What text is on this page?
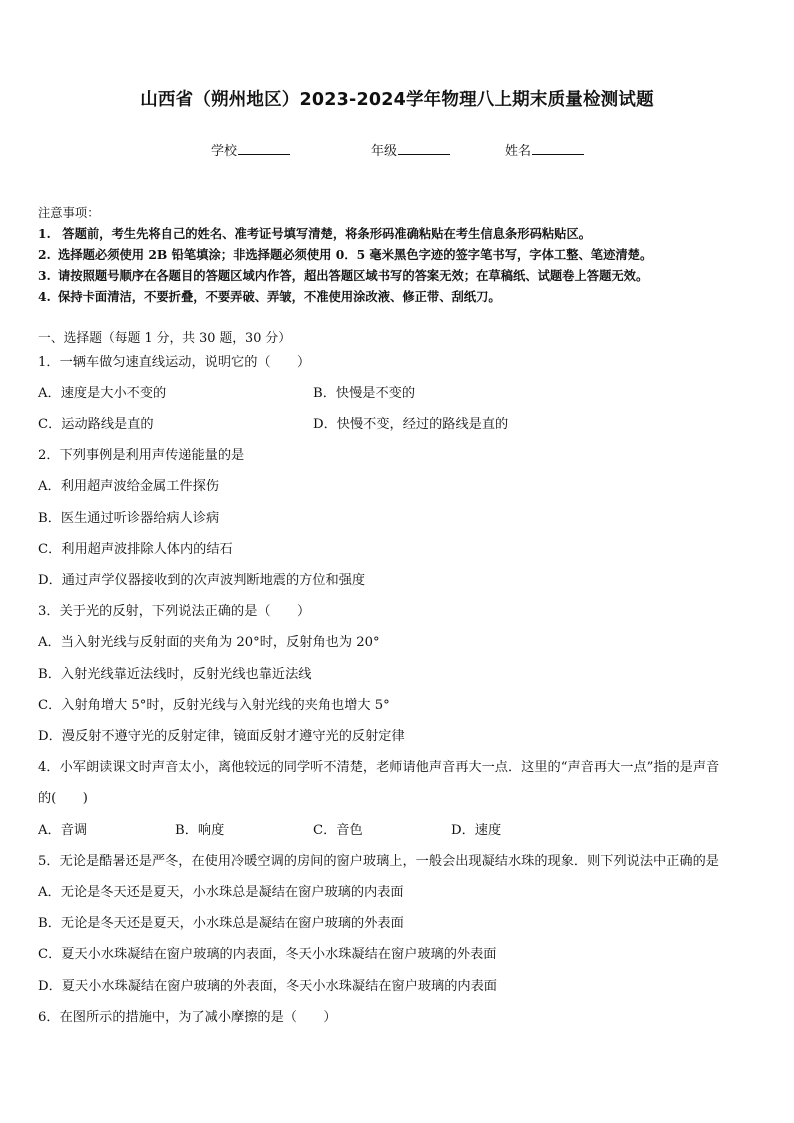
山西省（朔州地区）2023-2024学年物理八上期末质量检测试题
学校	年级	姓名
注意事项：
1. 答题前，考生先将自己的姓名、准考证号填写清楚，将条形码准确粘贴在考生信息条形码粘贴区。
2. 选择题必须使用 2B 铅笔填涂；非选择题必须使用 0．5 毫米黑色字迹的签字笔书写，字体工整、笔迹清楚。
3. 请按照题号顺序在各题目的答题区域内作答，超出答题区域书写的答案无效；在草稿纸、试题卷上答题无效。
4. 保持卡面清洁，不要折叠，不要弄破、弄皱，不准使用涂改液、修正带、刮纸刀。
一、选择题（每题 1 分，共 30 题，30 分）
1．一辆车做匀速直线运动，说明它的（　　）
A．速度是大小不变的	B．快慢是不变的
C．运动路线是直的	D．快慢不变，经过的路线是直的
2．下列事例是利用声传递能量的是
A．利用超声波给金属工件探伤
B．医生通过听诊器给病人诊病
C．利用超声波排除人体内的结石
D．通过声学仪器接收到的次声波判断地震的方位和强度
3．关于光的反射，下列说法正确的是（　　）
A．当入射光线与反射面的夹角为 20°时，反射角也为 20°
B．入射光线靠近法线时，反射光线也靠近法线
C．入射角增大 5°时，反射光线与入射光线的夹角也增大 5°
D．漫反射不遵守光的反射定律，镜面反射才遵守光的反射定律
4．小军朗读课文时声音太小，离他较远的同学听不清楚，老师请他声音再大一点．这里的“声音再大一点”指的是声音
的(　　)
A．音调	B．响度	C．音色	D．速度
5．无论是酷暑还是严冬，在使用冷暖空调的房间的窗户玻璃上，一般会出现凝结水珠的现象．则下列说法中正确的是
A．无论是冬天还是夏天，小水珠总是凝结在窗户玻璃的内表面
B．无论是冬天还是夏天，小水珠总是凝结在窗户玻璃的外表面
C．夏天小水珠凝结在窗户玻璃的内表面，冬天小水珠凝结在窗户玻璃的外表面
D．夏天小水珠凝结在窗户玻璃的外表面，冬天小水珠凝结在窗户玻璃的内表面
6．在图所示的措施中，为了减小摩擦的是（　　）
